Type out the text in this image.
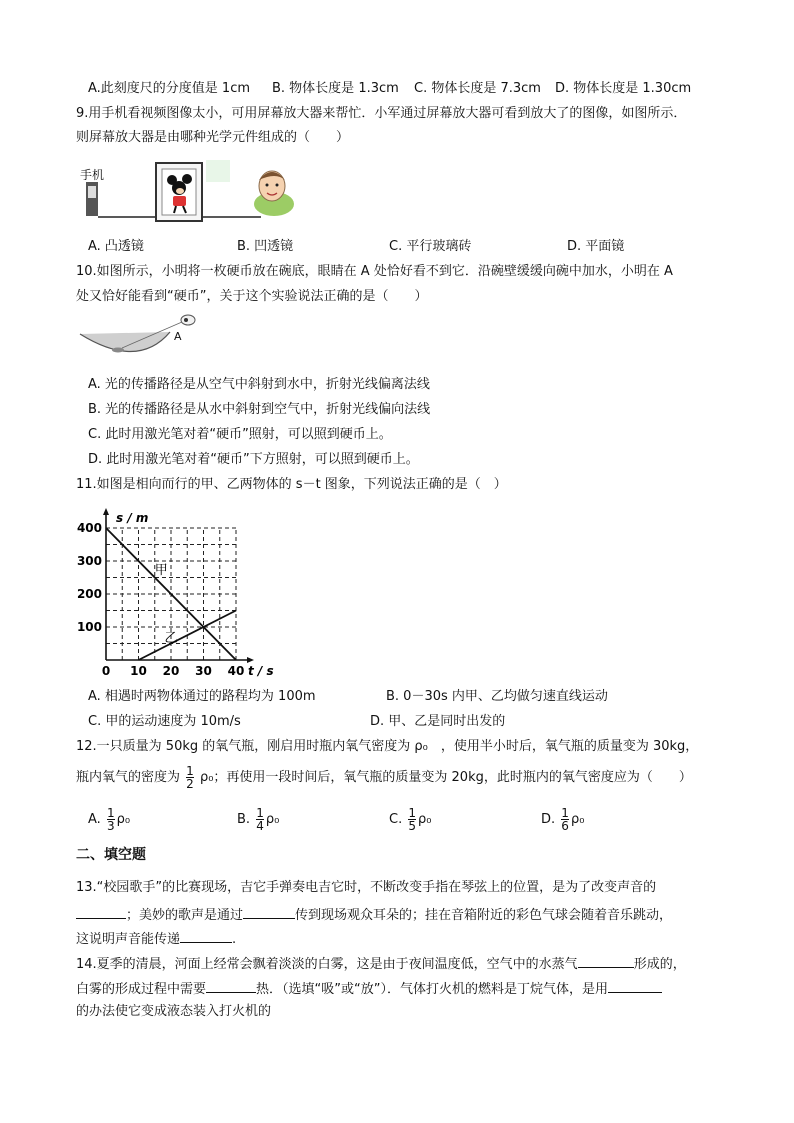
A.此刻度尺的分度值是 1cm B. 物体长度是 1.3cm C. 物体长度是 7.3cm D. 物体长度是 1.30cm
9.用手机看视频图像太小，可用屏幕放大器来帮忙．小军通过屏幕放大器可看到放大了的图像，如图所示．
则屏幕放大器是由哪种光学元件组成的（　　）
手机
A. 凸透镜	B. 凹透镜	C. 平行玻璃砖	D. 平面镜
10.如图所示，小明将一枚硬币放在碗底，眼睛在 A 处恰好看不到它．沿碗壁缓缓向碗中加水，小明在 A
处又恰好能看到“硬币”，关于这个实验说法正确的是（　　）
A
A. 光的传播路径是从空气中斜射到水中，折射光线偏离法线
B. 光的传播路径是从水中斜射到空气中，折射光线偏向法线
C. 此时用激光笔对着“硬币”照射，可以照到硬币上。
D. 此时用激光笔对着“硬币”下方照射，可以照到硬币上。
11.如图是相向而行的甲、乙两物体的 s－t 图象，下列说法正确的是（　）
0 10 20 30 40
100
200
300
400
s / m
t / s
甲
乙
A. 相遇时两物体通过的路程均为 100m	B. 0－30s 内甲、乙均做匀速直线运动
C. 甲的运动速度为 10m/s	D. 甲、乙是同时出发的
12.一只质量为 50kg 的氧气瓶，刚启用时瓶内氧气密度为 ρ₀　，使用半小时后，氧气瓶的质量变为 30kg，
瓶内氧气的密度为 $\frac{1}{2} \rho_0$；再使用一段时间后，氧气瓶的质量变为 20kg，此时瓶内的氧气密度应为（　　）
A. $\frac{1}{3} \rho_0$	B. $\frac{1}{4} \rho_0$	C. $\frac{1}{5} \rho_0$	D. $\frac{1}{6} \rho_0$
二、填空题
13.“校园歌手”的比赛现场，吉它手弹奏电吉它时，不断改变手指在琴弦上的位置，是为了改变声音的
；美妙的歌声是通过	传到现场观众耳朵的；挂在音箱附近的彩色气球会随着音乐跳动，
这说明声音能传递	.
14.夏季的清晨，河面上经常会飘着淡淡的白雾，这是由于夜间温度低，空气中的水蒸气	形成的，
白雾的形成过程中需要	热．（选填“吸”或“放”）．气体打火机的燃料是丁烷气体，是用
的办法使它变成液态装入打火机的
